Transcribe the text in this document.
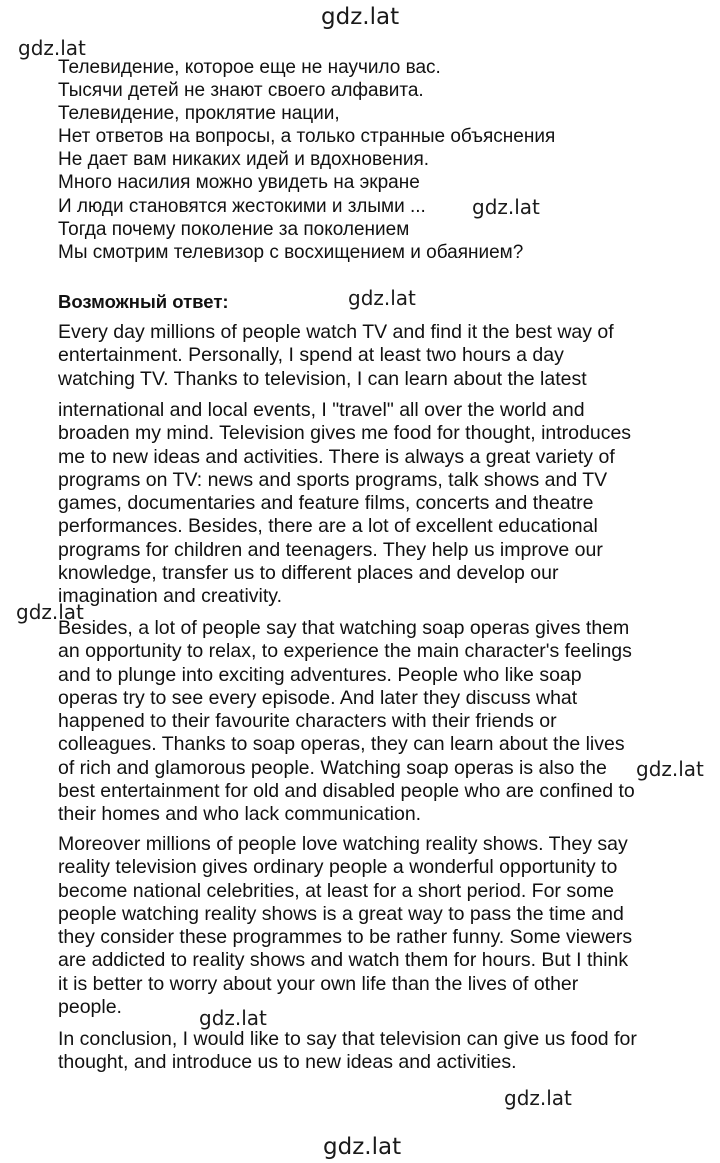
Телевидение, которое еще не научило вас.
Тысячи детей не знают своего алфавита.
Телевидение, проклятие нации,
Нет ответов на вопросы, а только странные объяснения
Не дает вам никаких идей и вдохновения.
Много насилия можно увидеть на экране
И люди становятся жестокими и злыми ...
Тогда почему поколение за поколением
Мы смотрим телевизор с восхищением и обаянием?
Возможный ответ:
Every day millions of people watch TV and find it the best way of
entertainment. Personally, I spend at least two hours a day
watching TV. Thanks to television, I can learn about the latest
international and local events, I "travel" all over the world and
broaden my mind. Television gives me food for thought, introduces
me to new ideas and activities. There is always a great variety of
programs on TV: news and sports programs, talk shows and TV
games, documentaries and feature films, concerts and theatre
performances. Besides, there are a lot of excellent educational
programs for children and teenagers. They help us improve our
knowledge, transfer us to different places and develop our
imagination and creativity.
Besides, a lot of people say that watching soap operas gives them
an opportunity to relax, to experience the main character's feelings
and to plunge into exciting adventures. People who like soap
operas try to see every episode. And later they discuss what
happened to their favourite characters with their friends or
colleagues. Thanks to soap operas, they can learn about the lives
of rich and glamorous people. Watching soap operas is also the
best entertainment for old and disabled people who are confined to
their homes and who lack communication.
Moreover millions of people love watching reality shows. They say
reality television gives ordinary people a wonderful opportunity to
become national celebrities, at least for a short period. For some
people watching reality shows is a great way to pass the time and
they consider these programmes to be rather funny. Some viewers
are addicted to reality shows and watch them for hours. But I think
it is better to worry about your own life than the lives of other
people.
In conclusion, I would like to say that television can give us food for
thought, and introduce us to new ideas and activities.
gdz.lat
gdz.lat
gdz.lat
gdz.lat
gdz.lat
gdz.lat
gdz.lat
gdz.lat
gdz.lat
